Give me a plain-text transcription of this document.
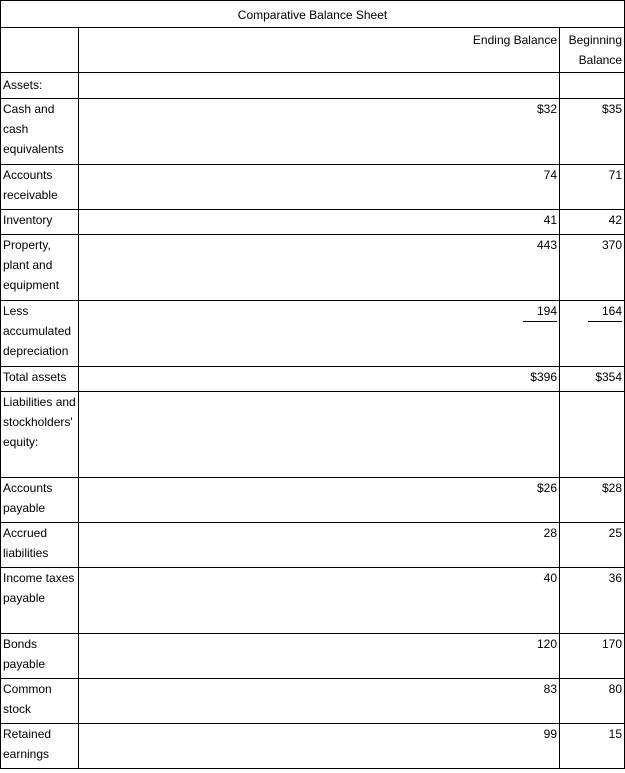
Comparative Balance Sheet		
	Ending Balance	Beginning
Balance
Assets:		
Cash and cash equivalents	$32	$35
Accounts receivable	74	71
Inventory	41	42
Property, plant and equipment	443	370
Less accumulated depreciation	194	164
Total assets	$396	$354
Liabilities and stockholders' equity:		
Accounts payable	$26	$28
Accrued liabilities	28	25
Income taxes payable	40	36
Bonds payable	120	170
Common stock	83	80
Retained earnings	99	15
